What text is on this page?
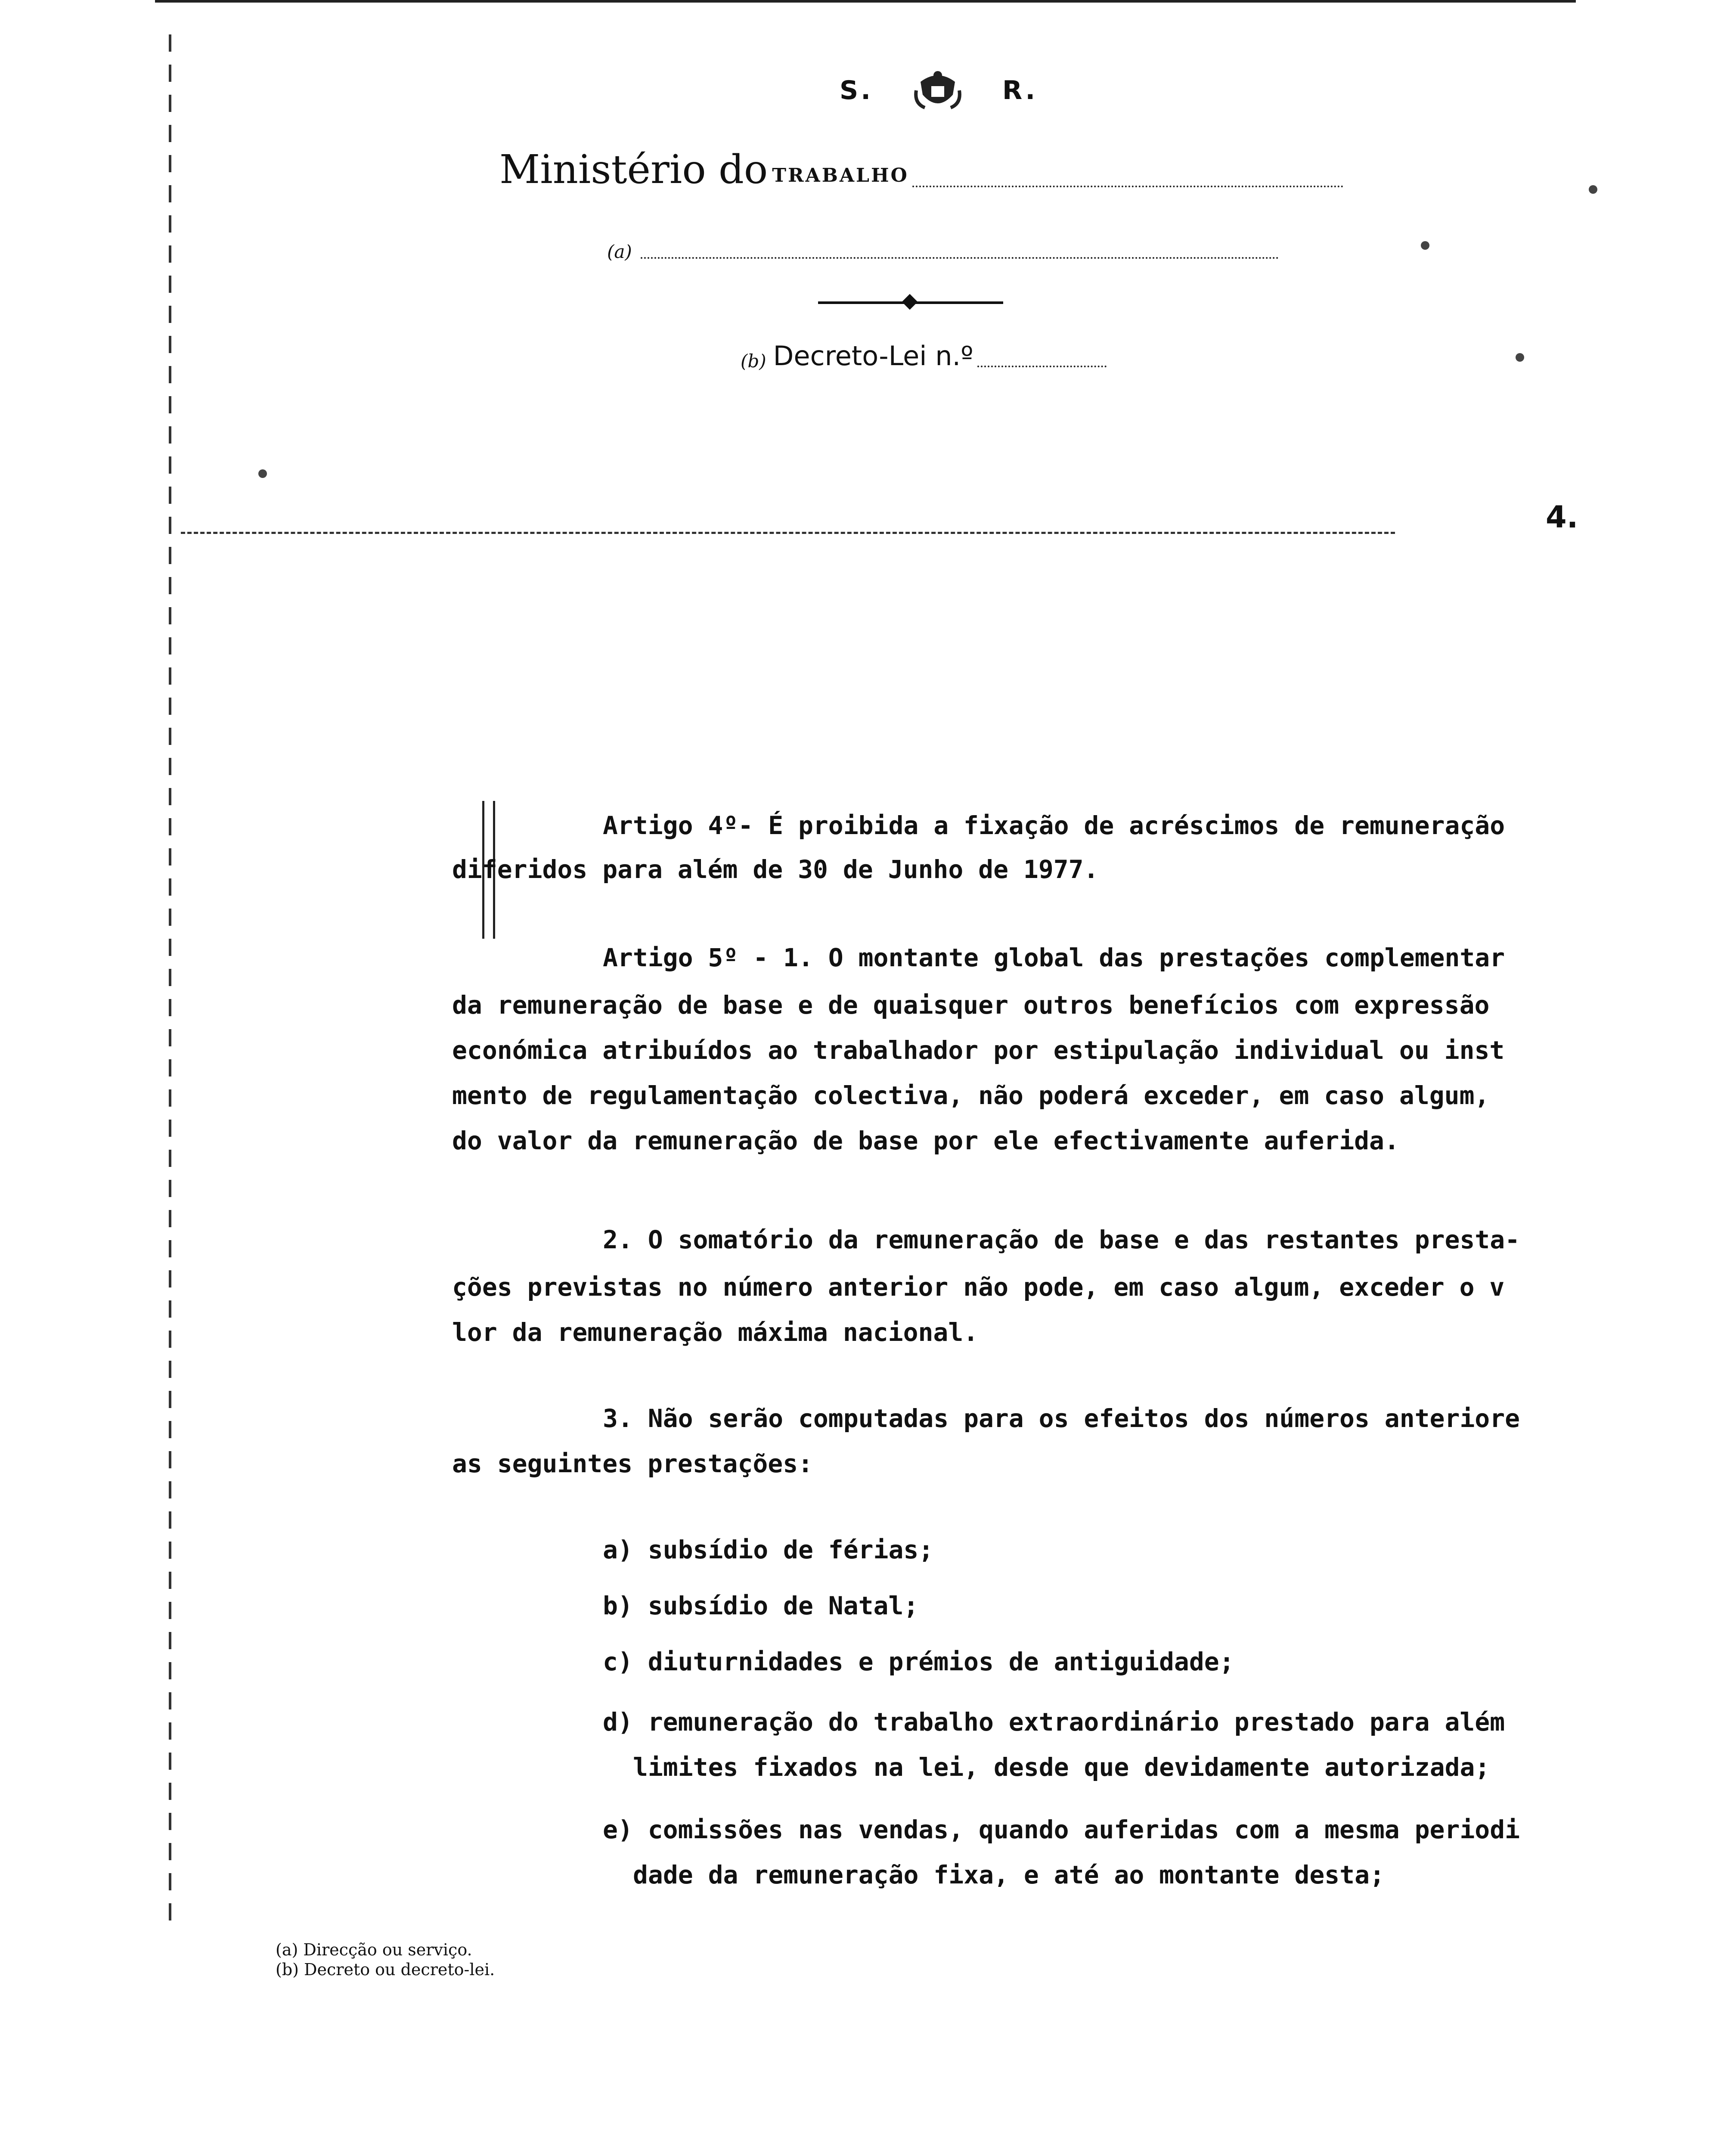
S.	R.
Ministério do TRABALHO
(a)
(b) Decreto-Lei n.º
4.
Artigo 4º- É proibida a fixação de acréscimos de remuneração
diferidos para além de 30 de Junho de 1977.
Artigo 5º - 1. O montante global das prestações complementar
da remuneração de base e de quaisquer outros benefícios com expressão
económica atribuídos ao trabalhador por estipulação individual ou inst
mento de regulamentação colectiva, não poderá exceder, em caso algum,
do valor da remuneração de base por ele efectivamente auferida.
2. O somatório da remuneração de base e das restantes presta-
ções previstas no número anterior não pode, em caso algum, exceder o v
lor da remuneração máxima nacional.
3. Não serão computadas para os efeitos dos números anteriore
as seguintes prestações:
a) subsídio de férias;
b) subsídio de Natal;
c) diuturnidades e prémios de antiguidade;
d) remuneração do trabalho extraordinário prestado para além
limites fixados na lei, desde que devidamente autorizada;
e) comissões nas vendas, quando auferidas com a mesma periodi
dade da remuneração fixa, e até ao montante desta;
(a) Direcção ou serviço.
(b) Decreto ou decreto-lei.
